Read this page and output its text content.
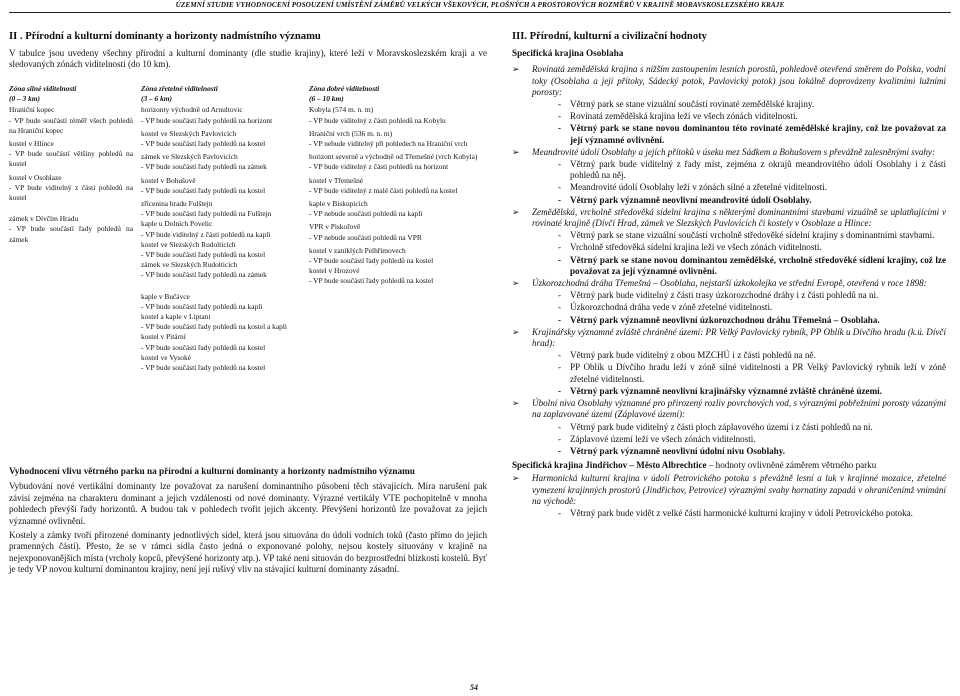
ÚZEMNÍ STUDIE VYHODNOCENÍ POSOUZENÍ UMÍSTĚNÍ ZÁMĚRŮ VELKÝCH VŠEKOVÝCH, PLOŠNÝCH A PROSTOROVÝCH ROZMĚRŮ V KRAJINĚ MORAVSKOSLEZSKÉHO KRAJE
II . Přírodní a kulturní dominanty a horizonty nadmístního významu

V tabulce jsou uvedeny všechny přírodní a kulturní dominanty (dle studie krajiny), které leží v Moravskoslezském kraji a ve sledovaných zónách viditelnosti (do 10 km).

Zóna silné viditelnosti
(0 – 3 km)
Hraniční kopec
- VP bude součástí téměř všech pohledů na Hraniční kopec
kostel v Hlince
- VP bude součástí většiny pohledů na kostel
kostel v Osoblaze
- VP bude viditelný z části pohledů na kostel
zámek v Dívčím Hradu
- VP bude součástí řady pohledů na zámek
Zóna zřetelné viditelnosti
(3 – 6 km)
horizonty východně od Arnultovic
- VP bude součástí řady pohledů na horizont
kostel ve Slezských Pavlovicích
- VP bude součástí řady pohledů na kostel
zámek ve Slezských Pavlovicích
- VP bude součástí řady pohledů na zámek
kostel v Bohušově
- VP bude součástí řady pohledů na kostel
zřícenina hradu Fulštejn
- VP bude součástí řady pohledů na Fulštejn
kaple u Dolních Povelic
- VP bude viditelný z části pohledů na kapli
kostel ve Slezských Rudolticích
- VP bude součástí řady pohledů na kostel
zámek ve Slezských Rudolticích
- VP bude součástí řady pohledů na zámek
kaple v Bučávce
- VP bude součástí řady pohledů na kapli
kostel a kaple v Liptani
- VP bude součástí řady pohledů na kostel a kapli
kostel v Pitární
- VP bude součástí řady pohledů na kostel
kostel ve Vysoké
- VP bude součástí řady pohledů na kostel
Zóna dobré viditelnosti
(6 – 10 km)
Kobyla (574 m. n. m)
- VP bude viditelný z části pohledů na Kobylu
Hraniční vrch (536 m. n. m)
- VP nebude viditelný při pohledech na Hraniční vrch
horizont severně a východně od Třemešné (vrch Kobyla)
- VP bude viditelný z části pohledů na horizont
kostel v Třemešné
- VP bude viditelný z malé části pohledů na kostel
kaple v Biskupicích
- VP nebude součástí pohledů na kapli
VPR v Piskořově
- VP nebude součástí pohledů na VPR
kostel v zaniklých Pelhřimovech
- VP bude součástí řady pohledů na kostel
kostel v Hrozové
- VP bude součástí řady pohledů na kostel
Vyhodnocení vlivu větrného parku na přírodní a kulturní dominanty a horizonty nadmístního významu

Vybudování nové vertikální dominanty lze považovat za narušení dominantního působení těch stávajících. Míra narušení pak závisí zejména na charakteru dominant a jejich vzdálenosti od nové dominanty. Výrazné vertikály VTE pochopitelně v mnoha pohledech převýší řady horizontů. A budou tak v pohledech tvořit jejich akcenty. Převýšení horizontů lze považovat za jejich významné ovlivnění.

Kostely a zámky tvoří přirozené dominanty jednotlivých sídel, která jsou situována do údolí vodních toků (často přímo do jejich pramenných částí). Přesto, že se v rámci sídla často jedná o exponované polohy, nejsou kostely situovány v krajině na nejexponovanějších místa (vrcholy kopců, převýšené horizonty atp.). VP také není situován do bezprostřední blízkosti kostelů. Byť je tedy VP novou kulturní dominantou krajiny, není její rušivý vliv na stávající kulturní dominanty zásadní.

III. Přírodní, kulturní a civilizační hodnoty
Specifická krajina Osoblaha
➢ Rovinatá zemědělská krajina s nižším zastoupením lesních porostů, pohledově otevřená směrem do Polska, vodní toky (Osoblaha a její přítoky, Sádecký potok, Pavlovický potok) jsou lokálně doprovázeny kvalitními lužními porosty:
- Větrný park se stane vizuální součástí rovinaté zemědělské krajiny.
- Rovinatá zemědělská krajina leží ve všech zónách viditelnosti.
- Větrný park se stane novou dominantou této rovinaté zemědělské krajiny, což lze považovat za její významné ovlivnění.
➢ Meandrovité údolí Osoblahy a jejích přítoků v úseku mez Sádkem a Bohušovem s převážně zalesněnými svahy:
- Větrný park bude viditelný z řady míst, zejména z okrajů meandrovitého údolí Osoblahy i z části pohledů na něj.
- Meandrovité údolí Osoblahy leží v zónách silné a zřetelné viditelnosti.
- Větrný park významně neovlivní meandrovité údolí Osoblahy.
➢ Zemědělská, vrcholně středověká sídelní krajina s některými dominantními stavbami vizuálně se uplatňujícími v rovinaté krajině (Dívčí Hrad, zámek ve Slezských Pavlovicích či kostely v Osoblaze a Hlince:
- Větrný park se stane vizuální součástí vrcholně středověké sídelní krajiny s dominantními stavbami.
- Vrcholně středověká sídelní krajina leží ve všech zónách viditelnosti.
- Větrný park se stane novou dominantou zemědělské, vrcholně středověké sídlení krajiny, což lze považovat za její významné ovlivnění.
➢ Úzkorozchodná dráha Třemešná – Osoblaha, nejstarší úzkokolejka ve střední Evropě, otevřená v roce 1898:
- Větrný park bude viditelný z části trasy úzkorozchodné dráhy i z části pohledů na ni.
- Úzkorozchodná dráha vede v zóně zřetelné viditelnosti.
- Větrný park významně neovlivní úzkorozchodnou dráhu Třemešná – Osoblaha.
➢ Krajinářsky významné zvláště chráněné území: PR Velký Pavlovický rybník, PP Oblík u Dívčího hradu (k.ú. Dívčí hrad):
- Větrný park bude viditelný z obou MZCHÚ i z části pohledů na ně.
- PP Oblík u Dívčího hradu leží v zóně silné viditelnosti a PR Velký Pavlovický rybník leží v zóně zřetelné viditelnosti.
- Větrný park významně neovlivní krajinářsky významné zvláště chráněné území.
➢ Úbolní niva Osoblahy významné pro přirozený rozliv povrchových vod, s výraznými pobřežními porosty vázanými na zaplavované území (Záplavové území):
- Větrný park bude viditelný z části ploch záplavového území i z části pohledů na ni.
- Záplavové území leží ve všech zónách viditelnosti.
- Větrný park významně neovlivní údolní nivu Osoblahy.
Specifická krajina Jindřichov – Město Albrechtice – hodnoty ovlivněné záměrem větrného parku
➢ Harmonická kulturní krajina v údolí Petrovického potoka s převážně lesní a luk v krajinné mozaice, zřetelné vymezení krajinných prostorů (Jindřichov, Petrovice) výraznými svahy hornatiny zapadá v ohraničenímž vnímání na východě:
- Větrný park bude vidět z velké části harmonické kulturní krajiny v údolí Petrovického potoka.
54
